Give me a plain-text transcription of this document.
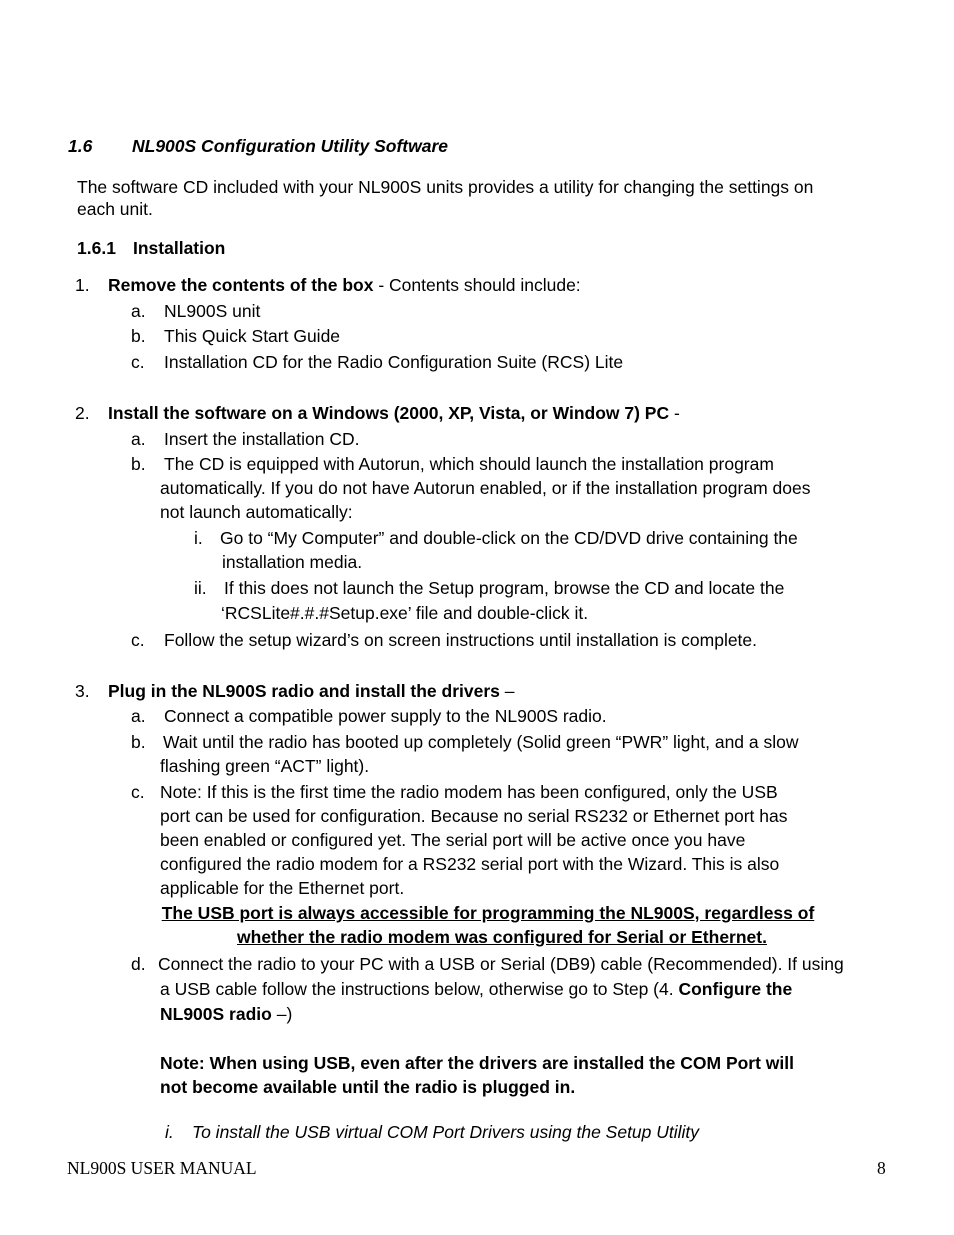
1.6 NL900S Configuration Utility Software
The software CD included with your NL900S units provides a utility for changing the settings on
each unit.
1.6.1 Installation
1. Remove the contents of the box - Contents should include:
a. NL900S unit
b. This Quick Start Guide
c. Installation CD for the Radio Configuration Suite (RCS) Lite
2. Install the software on a Windows (2000, XP, Vista, or Window 7) PC -
a. Insert the installation CD.
b. The CD is equipped with Autorun, which should launch the installation program
automatically. If you do not have Autorun enabled, or if the installation program does
not launch automatically:
i. Go to “My Computer” and double-click on the CD/DVD drive containing the
installation media.
ii. If this does not launch the Setup program, browse the CD and locate the
‘RCSLite#.#.#Setup.exe’ file and double-click it.
c. Follow the setup wizard’s on screen instructions until installation is complete.
3. Plug in the NL900S radio and install the drivers –
a. Connect a compatible power supply to the NL900S radio.
b. Wait until the radio has booted up completely (Solid green “PWR” light, and a slow
flashing green “ACT” light).
c. Note: If this is the first time the radio modem has been configured, only the USB
port can be used for configuration. Because no serial RS232 or Ethernet port has
been enabled or configured yet. The serial port will be active once you have
configured the radio modem for a RS232 serial port with the Wizard. This is also
applicable for the Ethernet port.
The USB port is always accessible for programming the NL900S, regardless of
whether the radio modem was configured for Serial or Ethernet.
d. Connect the radio to your PC with a USB or Serial (DB9) cable (Recommended). If using
a USB cable follow the instructions below, otherwise go to Step (4. Configure the
NL900S radio –)
Note: When using USB, even after the drivers are installed the COM Port will
not become available until the radio is plugged in.
i. To install the USB virtual COM Port Drivers using the Setup Utility
NL900S USER MANUAL	8
